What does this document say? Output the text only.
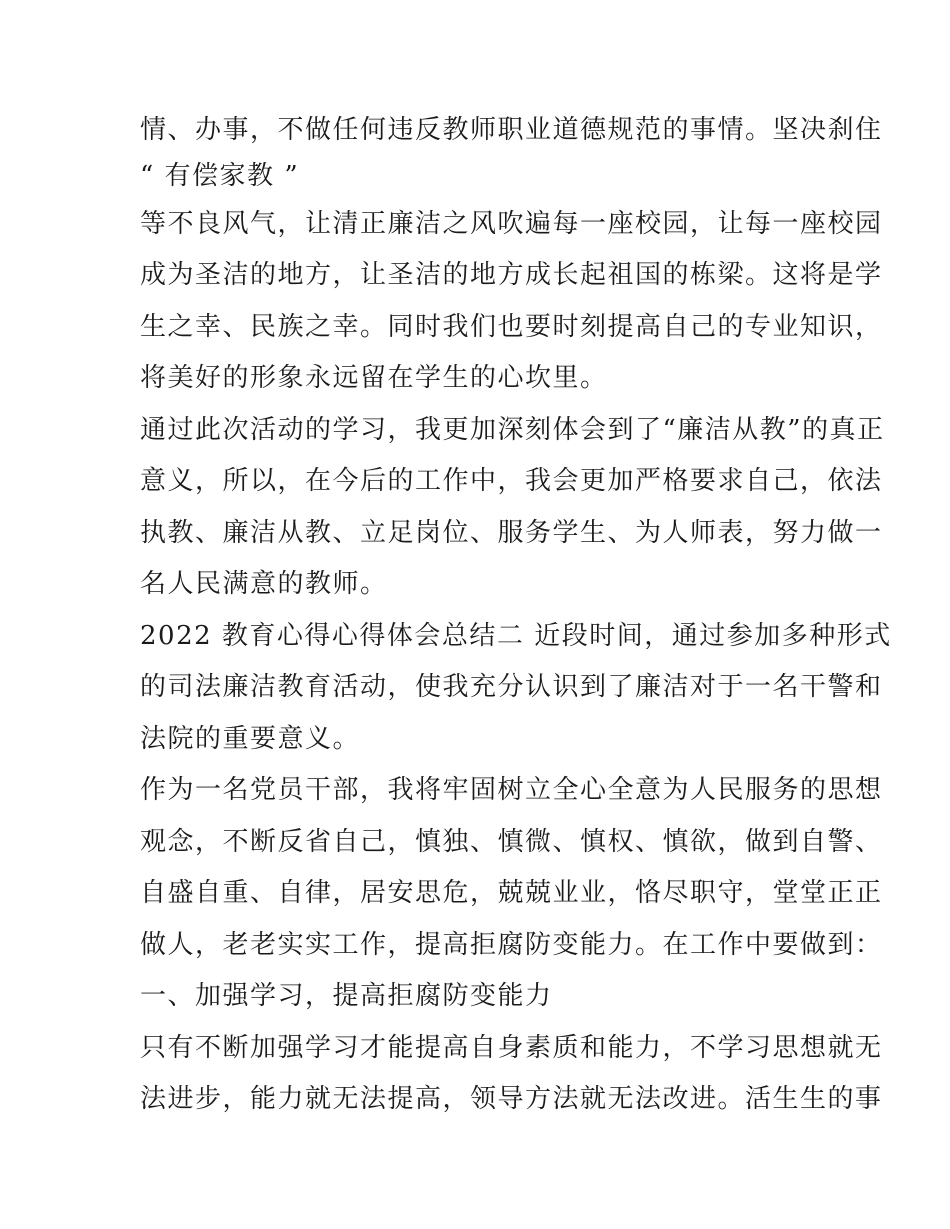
情、办事，不做任何违反教师职业道德规范的事情。坚决刹住
“ 有偿家教 ”
等不良风气，让清正廉洁之风吹遍每一座校园，让每一座校园
成为圣洁的地方，让圣洁的地方成长起祖国的栋梁。这将是学
生之幸、民族之幸。同时我们也要时刻提高自己的专业知识，
将美好的形象永远留在学生的心坎里。
通过此次活动的学习，我更加深刻体会到了“廉洁从教”的真正
意义，所以，在今后的工作中，我会更加严格要求自己，依法
执教、廉洁从教、立足岗位、服务学生、为人师表，努力做一
名人民满意的教师。
2022 教育心得心得体会总结二 近段时间，通过参加多种形式
的司法廉洁教育活动，使我充分认识到了廉洁对于一名干警和
法院的重要意义。
作为一名党员干部，我将牢固树立全心全意为人民服务的思想
观念，不断反省自己，慎独、慎微、慎权、慎欲，做到自警、
自盛自重、自律，居安思危，兢兢业业，恪尽职守，堂堂正正
做人，老老实实工作，提高拒腐防变能力。在工作中要做到：
一、加强学习，提高拒腐防变能力
只有不断加强学习才能提高自身素质和能力，不学习思想就无
法进步，能力就无法提高，领导方法就无法改进。活生生的事
